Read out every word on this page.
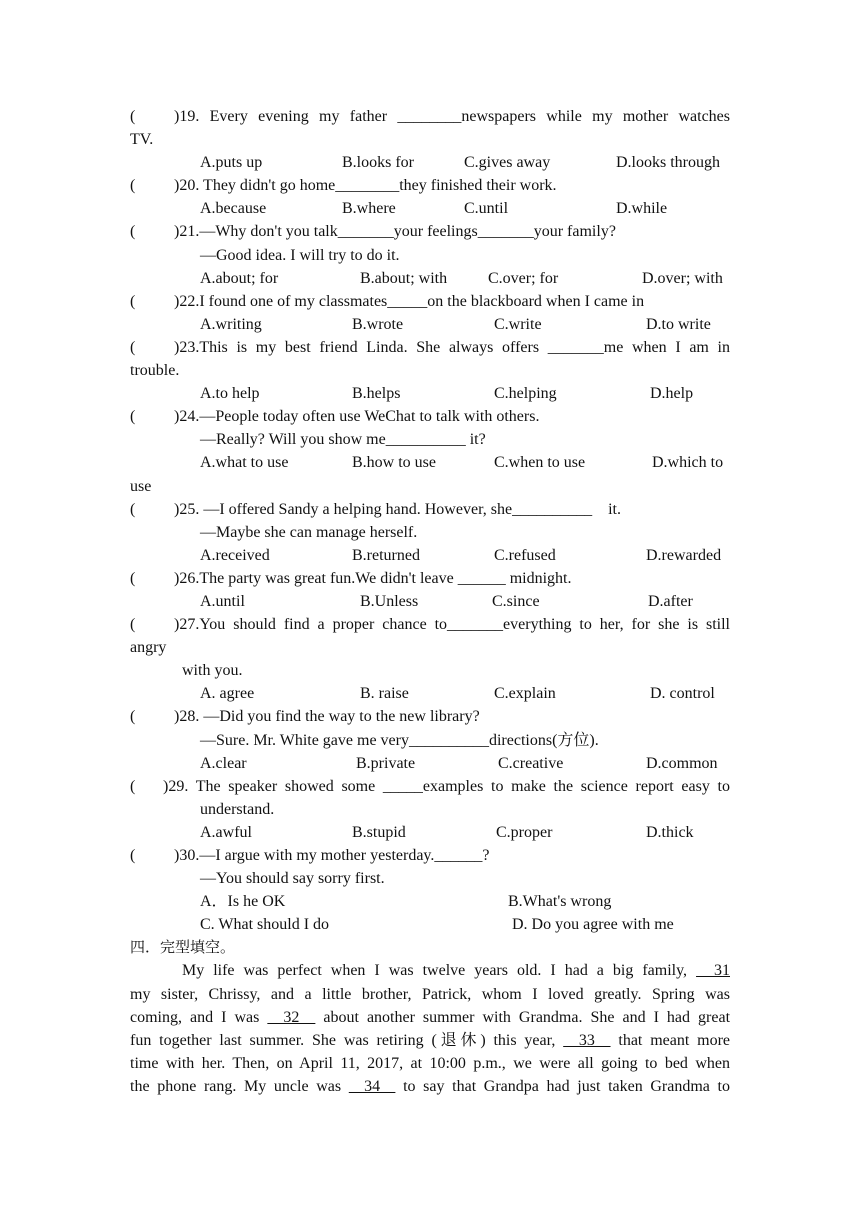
(	)19. Every evening my father ________newspapers while my mother watches
TV.
A.puts up	B.looks for	C.gives away	D.looks through
(	)20. They didn't go home________they finished their work.
A.because	B.where	C.until	D.while
(	)21.—Why don't you talk_______your feelings_______your family?
—Good idea. I will try to do it.
A.about; for	B.about; with	C.over; for	D.over; with
(	)22.I found one of my classmates_____on the blackboard when I came in
A.writing	B.wrote	C.write	D.to write
(	)23.This is my best friend Linda. She always offers _______me when I am in
trouble.
A.to help	B.helps	C.helping	D.help
(	)24.—People today often use WeChat to talk with others.
—Really? Will you show me__________ it?
A.what to use	B.how to use	C.when to use	D.which to
use
(	)25. —I offered Sandy a helping hand. However, she__________    it.
—Maybe she can manage herself.
A.received	B.returned	C.refused	D.rewarded
(	)26.The party was great fun.We didn't leave ______ midnight.
A.until	B.Unless	C.since	D.after
(	)27.You should find a proper chance to_______everything to her, for she is still
angry
with you.
A. agree	B. raise	C.explain	D. control
(	)28. —Did you find the way to the new library?
—Sure. Mr. White gave me very__________directions(方位).
A.clear	B.private	C.creative	D.common
(	)29. The speaker showed some _____examples to make the science report easy to
understand.
A.awful	B.stupid	C.proper	D.thick
(	)30.—I argue with my mother yesterday.______?
—You should say sorry first.
A．Is he OK	B.What's wrong
C. What should I do	D. Do you agree with me
四．完型填空。
My life was perfect when I was twelve years old. I had a big family,   31
my sister, Chrissy, and a little brother, Patrick, whom I loved greatly. Spring was
coming, and I was   32   about another summer with Grandma. She and I had great
fun together last summer. She was retiring (退休) this year,   33   that meant more
time with her. Then, on April 11, 2017, at 10:00 p.m., we were all going to bed when
the phone rang. My uncle was   34   to say that Grandpa had just taken Grandma to
